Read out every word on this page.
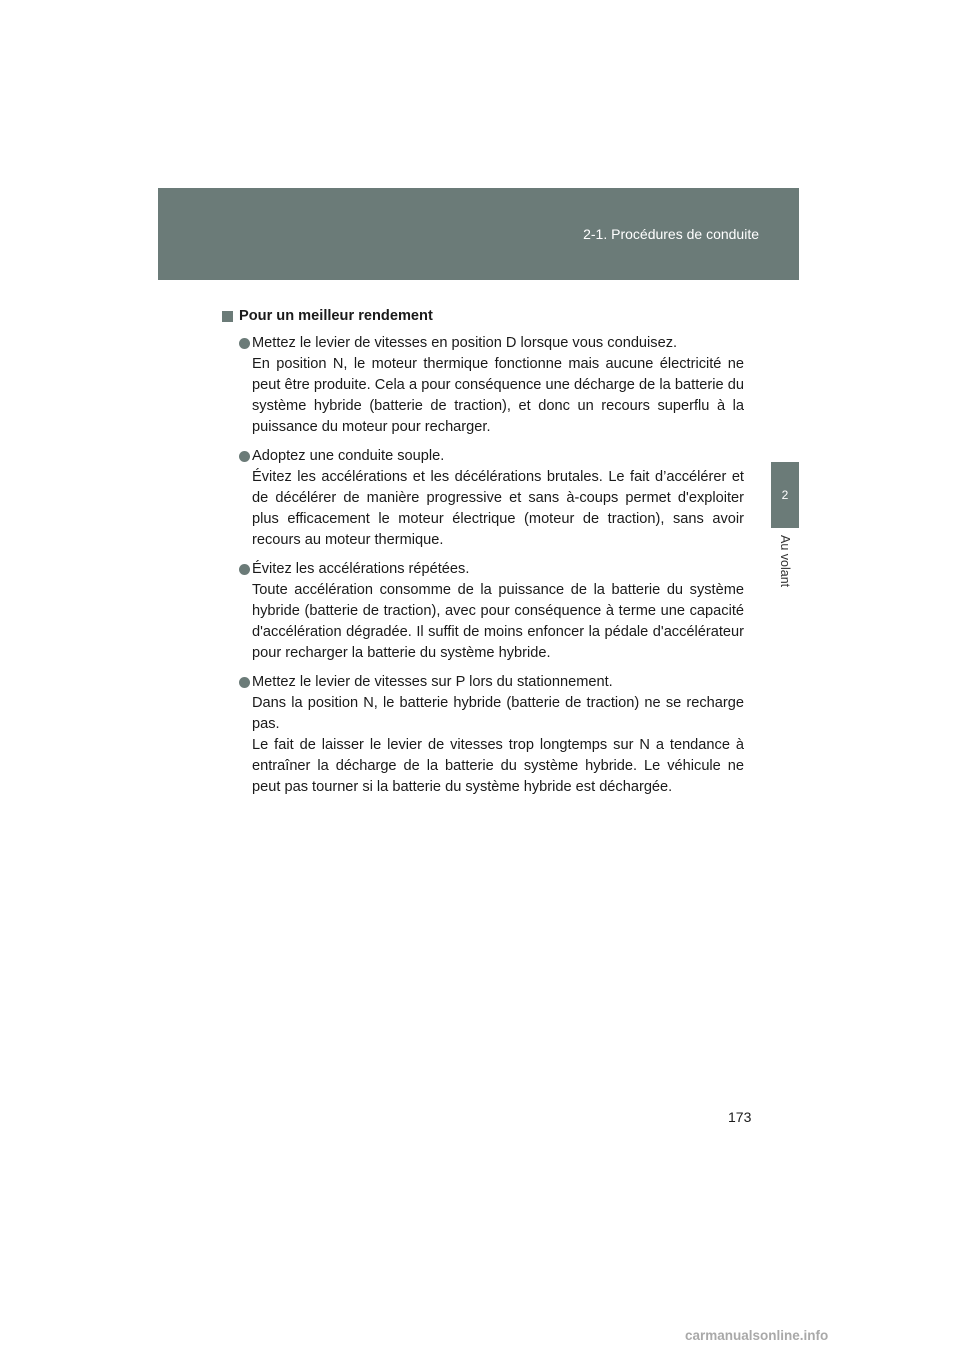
2-1. Procédures de conduite
2
Au volant
Pour un meilleur rendement
Mettez le levier de vitesses en position D lorsque vous conduisez.
En position N, le moteur thermique fonctionne mais aucune électricité ne peut être produite. Cela a pour conséquence une décharge de la batterie du système hybride (batterie de traction), et donc un recours superflu à la puissance du moteur pour recharger.
Adoptez une conduite souple.
Évitez les accélérations et les décélérations brutales. Le fait d’accélérer et de décélérer de manière progressive et sans à-coups permet d'exploiter plus efficacement le moteur électrique (moteur de traction), sans avoir recours au moteur thermique.
Évitez les accélérations répétées.
Toute accélération consomme de la puissance de la batterie du système hybride (batterie de traction), avec pour conséquence à terme une capacité d'accélération dégradée. Il suffit de moins enfoncer la pédale d'accélérateur pour recharger la batterie du système hybride.
Mettez le levier de vitesses sur P lors du stationnement.
Dans la position N, le batterie hybride (batterie de traction) ne se recharge pas.
Le fait de laisser le levier de vitesses trop longtemps sur N a tendance à entraîner la décharge de la batterie du système hybride. Le véhicule ne peut pas tourner si la batterie du système hybride est déchargée.
173
carmanualsonline.info
